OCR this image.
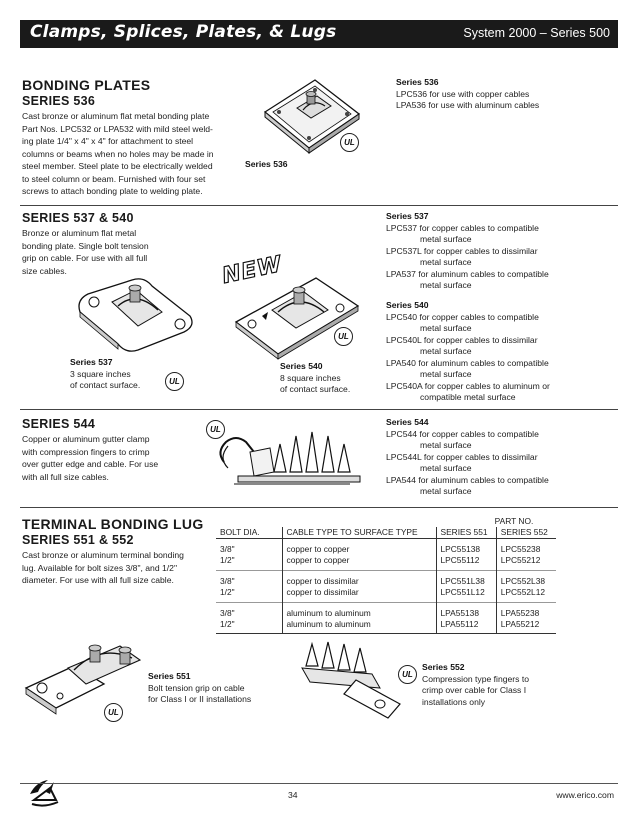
Clamps, Splices, Plates, & Lugs	System 2000 – Series 500
BONDING PLATES
SERIES 536
Cast bronze or aluminum flat metal bonding plate
Part Nos. LPC532 or LPA532 with mild steel weld-
ing plate 1/4" x 4" x 4" for attachment to steel
columns or beams when no holes may be made in
steel member. Steel plate to be electrically welded
to steel column or beam. Furnished with four set
screws to attach bonding plate to welding plate.
Series 536
UL
Series 536
LPC536 for use with copper cables
LPA536 for use with aluminum cables
SERIES 537 & 540
Bronze or aluminum flat metal
bonding plate. Single bolt tension
grip on cable. For use with all full
size cables.	NEW
Series 537
3 square inches
of contact surface.	UL
Series 540
8 square inches
of contact surface.
UL
Series 537
LPC537 for copper cables to compatible
metal surface
LPC537L for copper cables to dissimilar
metal surface
LPA537 for aluminum cables to compatible
metal surface
Series 540
LPC540 for copper cables to compatible
metal surface
LPC540L for copper cables to dissimilar
metal surface
LPA540 for aluminum cables to compatible
metal surface
LPC540A for copper cables to aluminum or
compatible metal surface
SERIES 544
Copper or aluminum gutter clamp
with compression fingers to crimp
over gutter edge and cable. For use
with all full size cables.
UL
Series 544
LPC544 for copper cables to compatible
metal surface
LPC544L for copper cables to dissimilar
metal surface
LPA544 for aluminum cables to compatible
metal surface
TERMINAL BONDING LUG
SERIES 551 & 552
Cast bronze or aluminum terminal bonding
lug. Available for bolt sizes 3/8", and 1/2"
diameter. For use with all full size cable.
		PART NO.	
BOLT DIA.	CABLE TYPE TO SURFACE TYPE	SERIES 551	SERIES 552
3/8"	copper to copper	LPC55138	LPC55238
1/2"	copper to copper	LPC55112	LPC55212
3/8"	copper to dissimilar	LPC551L38	LPC552L38
1/2"	copper to dissimilar	LPC551L12	LPC552L12
3/8"	aluminum to aluminum	LPA55138	LPA55238
1/2"	aluminum to aluminum	LPA55112	LPA55212
UL
Series 551
Bolt tension grip on cable
for Class I or II installations
UL
Series 552
Compression type fingers to
crimp over cable for Class I
installations only
34	www.erico.com
